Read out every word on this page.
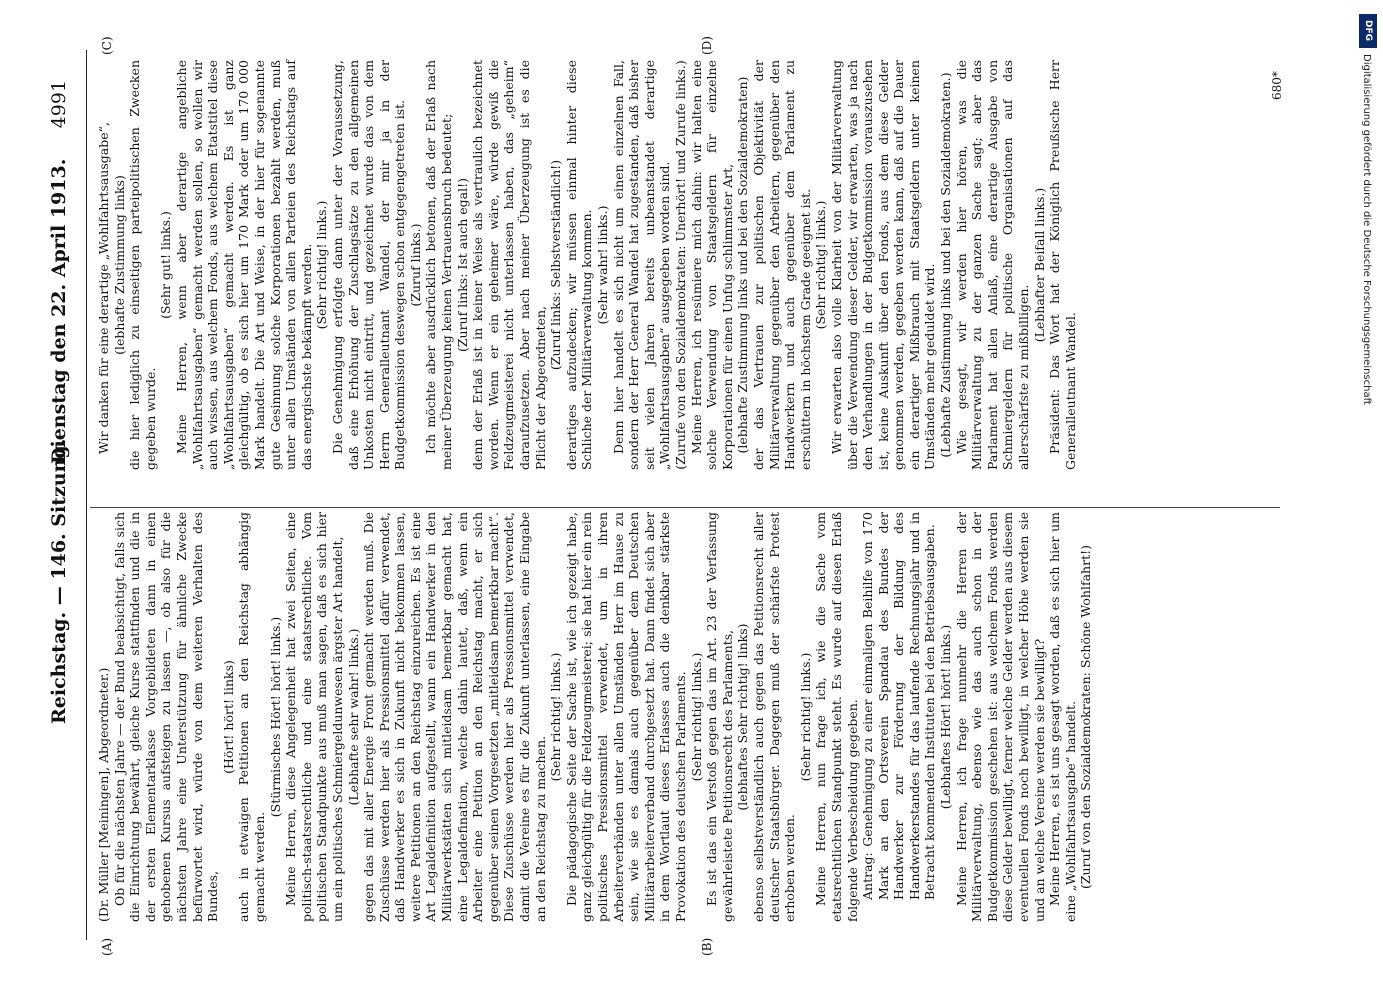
Reichstag. — 146. Sitzung.
Dienstag den 22. April 1913.
4991
(A)	(B)
(C)	(D)

(Dr. Müller [Meiningen], Abgeordneter.) Ob für die nächsten Jahre — der Bund beabsichtigt, falls sich die Einrichtung bewährt, gleiche Kurse stattfinden und die in der ersten Elementarklasse Vorgebildeten dann in einen gehobenen Kursus aufsteigen zu lassen —, ob also für die nächsten Jahre eine Unterstützung für ähnliche Zwecke befürwortet wird, würde von dem weiteren Verhalten des Bundes,

(Hört! hört! links) auch in etwaigen Petitionen an den Reichstag abhängig gemacht werden.

(Stürmisches Hört! hört! links.) Meine Herren, diese Angelegenheit hat zwei Seiten, eine politisch-staatsrechtliche und eine staatsrechtliche. Vom politischen Standpunkte aus muß man sagen, daß es sich hier um ein politisches Schmiergeldunwesen ärgster Art handelt, (Lebhafte sehr wahr! links.) gegen das mit aller Energie Front gemacht werden muß. Die Zuschüsse werden hier als Pressionsmittel dafür verwendet, daß Handwerker es sich in Zukunft nicht bekommen lassen, weitere Petitionen an den Reichstag einzureichen. Es ist eine Art Legaldefinition aufgestellt, wann ein Handwerker in den Militärwerkstätten sich mitleidsam bemerkbar gemacht hat, eine Legaldefination, welche dahin lautet, daß, wenn ein Arbeiter eine Petition an den Reichstag macht, er sich gegenüber seinen Vorgesetzten „mitleidsam bemerkbar macht“. Diese Zuschüsse werden hier als Pressionsmittel verwendet, damit die Vereine es für die Zukunft unterlassen, eine Eingabe an den Reichstag zu machen.

(Sehr richtig! links.) Die pädagogische Seite der Sache ist, wie ich gezeigt habe, ganz gleichgültig für die Feldzeugmeisterei; sie hat hier ein rein politisches Pressionsmittel verwendet, um in ihren Arbeiterverbänden unter allen Umständen Herr im Hause zu sein, wie sie es damals auch gegenüber dem Deutschen Militärarbeiterverband durchgesetzt hat. Dann findet sich aber in dem Wortlaut dieses Erlasses auch die denkbar stärkste Provokation des deutschen Parlaments. (Sehr richtig! links.) Es ist das ein Verstoß gegen das im Art. 23 der Verfassung gewährleistete Petitionsrecht des Parlaments, (lebhaftes Sehr richtig! links) ebenso selbstverständlich auch gegen das Petitionsrecht aller deutscher Staatsbürger. Dagegen muß der schärfste Protest erhoben werden.

(Sehr richtig! links.) Meine Herren, nun frage ich, wie die Sache vom etatsrechtlichen Standpunkt steht. Es wurde auf diesen Erlaß folgende Verbescheidung gegeben. Antrag: Genehmigung zu einer einmaligen Beihilfe von 170 Mark an den Ortsverein Spandau des Bundes der Handwerker zur Förderung der Bildung des Handwerkerstandes für das laufende Rechnungsjahr und in Betracht kommenden Instituten bei den Betriebsausgaben. (Lebhaftes Hört! hört! links.) Meine Herren, ich frage nunmehr die Herren der Militärverwaltung, ebenso wie das auch schon in der Budgetkommission geschehen ist: aus welchem Fonds werden diese Gelder bewilligt, ferner welche Gelder werden aus diesem eventuellen Fonds noch bewilligt, in welcher Höhe werden sie und an welche Vereine werden sie bewilligt? Meine Herren, es ist uns gesagt worden, daß es sich hier um eine „Wohlfahrtsausgabe“ handelt. (Zuruf von den Sozialdemokraten: Schöne Wohlfahrt!)

Wir danken für eine derartige „Wohlfahrtsausgabe“, (lebhafte Zustimmung links) die hier lediglich zu einseitigen parteipolitischen Zwecken gegeben wurde.

(Sehr gut! links.) Meine Herren, wenn aber derartige angebliche „Wohlfahrtsausgaben“ gemacht werden sollen, so wollen wir auch wissen, aus welchem Fonds, aus welchem Etatstitel diese „Wohlfahrtsausgaben“ gemacht werden. Es ist ganz gleichgültig, ob es sich hier um 170 Mark oder um 170 000 Mark handelt. Die Art und Weise, in der hier für sogenannte gute Gesinnung solche Korporationen bezahlt werden, muß unter allen Umständen von allen Parteien des Reichstags auf das energischste bekämpft werden. (Sehr richtig! links.) Die Genehmigung erfolgte dann unter der Voraussetzung, daß eine Erhöhung der Zuschlagsätze zu den allgemeinen Unkosten nicht eintritt, und gezeichnet wurde das von dem Herrn Generalleutnant Wandel, der mir ja in der Budgetkommission deswegen schon entgegengetreten ist. (Zuruf links.) Ich möchte aber ausdrücklich betonen, daß der Erlaß nach meiner Überzeugung keinen Vertrauensbruch bedeutet; (Zuruf links: Ist auch egal!) denn der Erlaß ist in keiner Weise als vertraulich bezeichnet worden. Wenn er ein geheimer wäre, würde gewiß die Feldzeugmeisterei nicht unterlassen haben, das „geheim“ daraufzusetzen. Aber nach meiner Überzeugung ist es die Pflicht der Abgeordneten,

(Zuruf links: Selbstverständlich!) derartiges aufzudecken; wir müssen einmal hinter diese Schliche der Militärverwaltung kommen. (Sehr wahr! links.) Denn hier handelt es sich nicht um einen einzelnen Fall, sondern der Herr General Wandel hat zugestanden, daß bisher seit vielen Jahren bereits unbeanstandet derartige „Wohlfahrtsausgaben“ ausgegeben worden sind. (Zurufe von den Sozialdemokraten: Unerhört! und Zurufe links.) Meine Herren, ich resümiere mich dahin: wir halten eine solche Verwendung von Staatsgeldern für einzelne Korporationen für einen Unfug schlimmster Art, (lebhafte Zustimmung links und bei den Sozialdemokraten) der das Vertrauen zur politischen Objektivität der Militärverwaltung gegenüber den Arbeitern, gegenüber den Handwerkern und auch gegenüber dem Parlament zu erschüttern in höchstem Grade geeignet ist. (Sehr richtig! links.) Wir erwarten also volle Klarheit von der Militärverwaltung über die Verwendung dieser Gelder, wir erwarten, was ja nach den Verhandlungen in der Budgetkommission vorauszusehen ist, keine Auskunft über den Fonds, aus dem diese Gelder genommen werden, gegeben werden kann, daß auf die Dauer ein derartiger Mißbrauch mit Staatsgeldern unter keinen Umständen mehr geduldet wird. (Lebhafte Zustimmung links und bei den Sozialdemokraten.) Wie gesagt, wir werden hier hören, was die Militärverwaltung zu der ganzen Sache sagt; aber das Parlament hat allen Anlaß, eine derartige Ausgabe von Schmiergeldern für politische Organisationen auf das allerschärfste zu mißbilligen.

(Lebhafter Beifall links.) Präsident: Das Wort hat der Königlich Preußische Herr Generalleutnant Wandel.

680*
DFG
Digitalisierung gefördert durch die Deutsche Forschungsgemeinschaft
